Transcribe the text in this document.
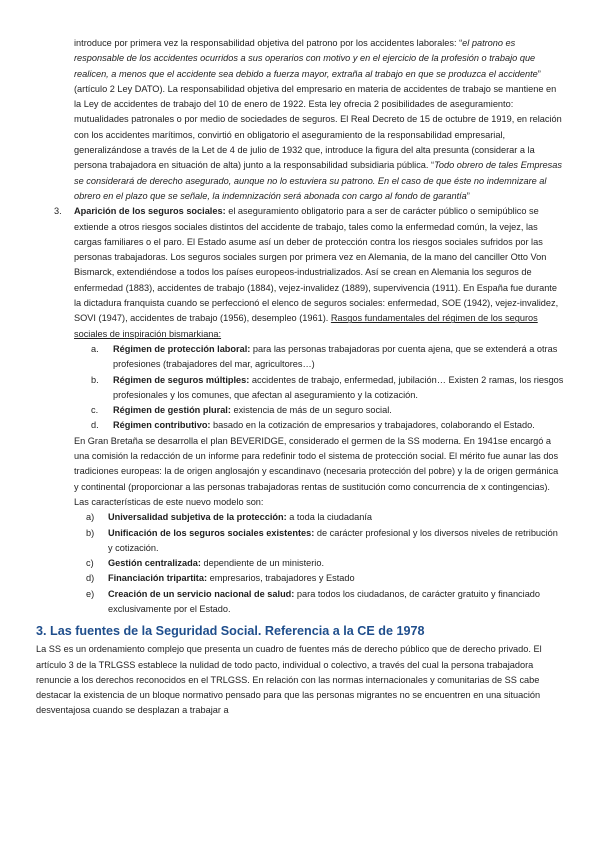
introduce por primera vez la responsabilidad objetiva del patrono por los accidentes laborales: “el patrono es responsable de los accidentes ocurridos a sus operarios con motivo y en el ejercicio de la profesión o trabajo que realicen, a menos que el accidente sea debido a fuerza mayor, extraña al trabajo en que se produzca el accidente” (artículo 2 Ley DATO). La responsabilidad objetiva del empresario en materia de accidentes de trabajo se mantiene en la Ley de accidentes de trabajo del 10 de enero de 1922. Esta ley ofrecia 2 posibilidades de aseguramiento: mutualidades patronales o por medio de sociedades de seguros. El Real Decreto de 15 de octubre de 1919, en relación con los accidentes marítimos, convirtió en obligatorio el aseguramiento de la responsabilidad empresarial, generalizándose a través de la Let de 4 de julio de 1932 que, introduce la figura del alta presunta (considerar a la persona trabajadora en situación de alta) junto a la responsabilidad subsidiaria pública. “Todo obrero de tales Empresas se considerará de derecho asegurado, aunque no lo estuviera su patrono. En el caso de que éste no indemnizare al obrero en el plazo que se señale, la indemnización será abonada con cargo al fondo de garantía”

3.	Aparición de los seguros sociales: el aseguramiento obligatorio para a ser de carácter público o semipúblico se extiende a otros riesgos sociales distintos del accidente de trabajo, tales como la enfermedad común, la vejez, las cargas familiares o el paro. El Estado asume así un deber de protección contra los riesgos sociales sufridos por las personas trabajadoras. Los seguros sociales surgen por primera vez en Alemania, de la mano del canciller Otto Von Bismarck, extendiéndose a todos los países europeos-industrializados. Así se crean en Alemania los seguros de enfermedad (1883), accidentes de trabajo (1884), vejez-invalidez (1889), supervivencia (1911). En España fue durante la dictadura franquista cuando se perfeccionó el elenco de seguros sociales: enfermedad, SOE (1942), vejez-invalidez, SOVI (1947), accidentes de trabajo (1956), desempleo (1961). Rasgos fundamentales del régimen de los seguros sociales de inspiración bismarkiana:

a.	Régimen de protección laboral: para las personas trabajadoras por cuenta ajena, que se extenderá a otras profesiones (trabajadores del mar, agricultores…)

b.	Régimen de seguros múltiples: accidentes de trabajo, enfermedad, jubilación… Existen 2 ramas, los riesgos profesionales y los comunes, que afectan al aseguramiento y la cotización.

c.	Régimen de gestión plural: existencia de más de un seguro social.

d.	Régimen contributivo: basado en la cotización de empresarios y trabajadores, colaborando el Estado.

En Gran Bretaña se desarrolla el plan BEVERIDGE, considerado el germen de la SS moderna. En 1941se encargó a una comisión la redacción de un informe para redefinir todo el sistema de protección social. El mérito fue aunar las dos tradiciones europeas: la de origen anglosajón y escandinavo (necesaria protección del pobre) y la de origen germánica y continental (proporcionar a las personas trabajadoras rentas de sustitución como concurrencia de x contingencias). Las características de este nuevo modelo son:

a)	Universalidad subjetiva de la protección: a toda la ciudadanía

b)	Unificación de los seguros sociales existentes: de carácter profesional y los diversos niveles de retribución y cotización.

c)	Gestión centralizada: dependiente de un ministerio.

d)	Financiación tripartita: empresarios, trabajadores y Estado

e)	Creación de un servicio nacional de salud: para todos los ciudadanos, de carácter gratuito y financiado exclusivamente por el Estado.

3. Las fuentes de la Seguridad Social. Referencia a la CE de 1978

La SS es un ordenamiento complejo que presenta un cuadro de fuentes más de derecho público que de derecho privado. El artículo 3 de la TRLGSS establece la nulidad de todo pacto, individual o colectivo, a través del cual la persona trabajadora renuncie a los derechos reconocidos en el TRLGSS. En relación con las normas internacionales y comunitarias de SS cabe destacar la existencia de un bloque normativo pensado para que las personas migrantes no se encuentren en una situación desventajosa cuando se desplazan a trabajar a
